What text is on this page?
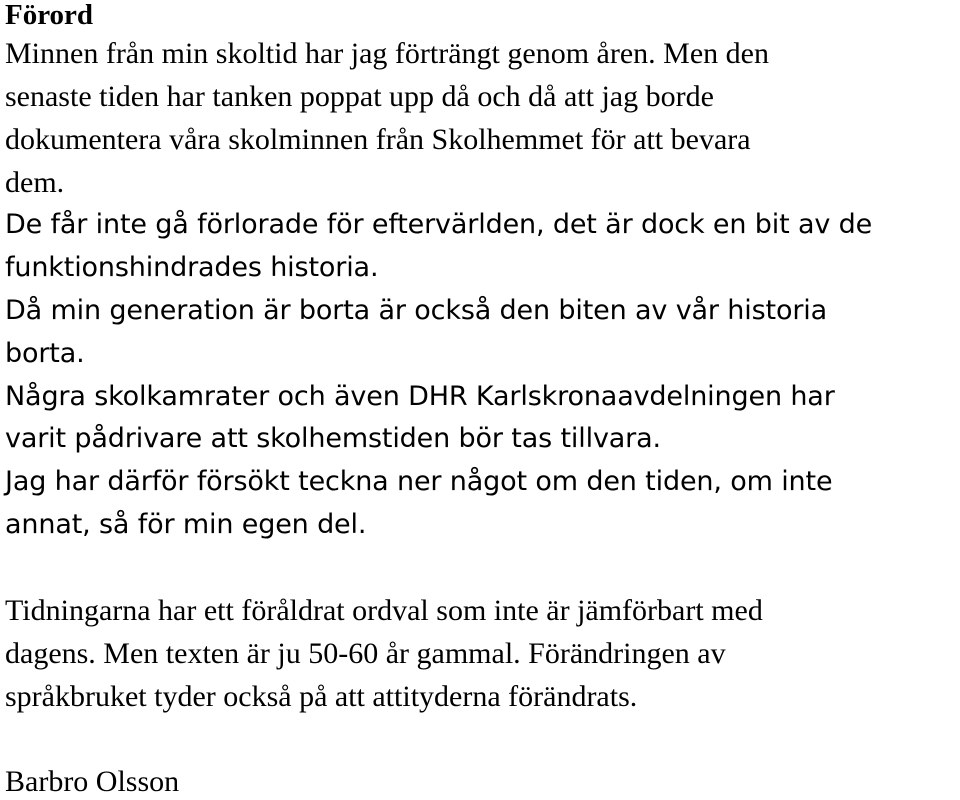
Förord

Minnen från min skoltid har jag förträngt genom åren. Men den

senaste tiden har tanken poppat upp då och då att jag borde

dokumentera våra skolminnen från Skolhemmet för att bevara

dem.

De får inte gå förlorade för eftervärlden, det är dock en bit av de

funktionshindrades historia.

Då min generation är borta är också den biten av vår historia

borta.

Några skolkamrater och även DHR Karlskronaavdelningen har

varit pådrivare att skolhemstiden bör tas tillvara.

Jag har därför försökt teckna ner något om den tiden, om inte

annat, så för min egen del.

Tidningarna har ett föråldrat ordval som inte är jämförbart med

dagens. Men texten är ju 50-60 år gammal. Förändringen av

språkbruket tyder också på att attityderna förändrats.

Barbro Olsson
